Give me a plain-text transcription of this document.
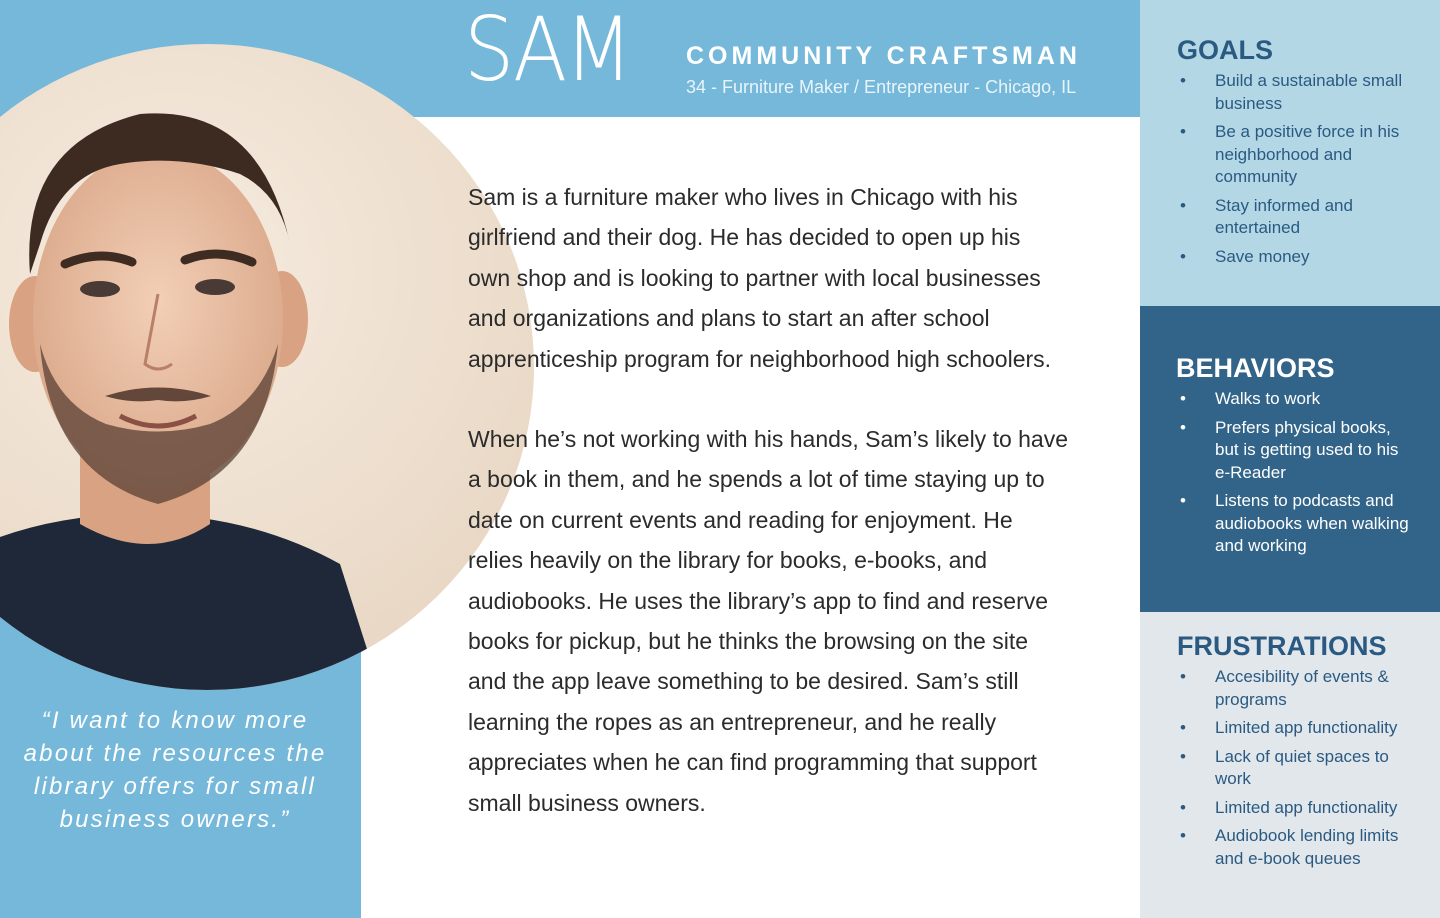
SAM COMMUNITY CRAFTSMAN
34 - Furniture Maker / Entrepreneur - Chicago, IL

Sam is a furniture maker who lives in Chicago with his girlfriend and their dog. He has decided to open up his own shop and is looking to partner with local businesses and organizations and plans to start an after school apprenticeship program for neighborhood high schoolers.

When he’s not working with his hands, Sam’s likely to have a book in them, and he spends a lot of time staying up to date on current events and reading for enjoyment. He relies heavily on the library for books, e-books, and audiobooks. He uses the library’s app to find and reserve books for pickup, but he thinks the browsing on the site and the app leave something to be desired. Sam’s still learning the ropes as an entrepreneur, and he really appreciates when he can find programming that support small business owners.

“I want to know more about the resources the library offers for small business owners.”
GOALS
• Build a sustainable small business
• Be a positive force in his neighborhood and community
• Stay informed and entertained
• Save money
BEHAVIORS
• Walks to work
• Prefers physical books, but is getting used to his e-Reader
• Listens to podcasts and audiobooks when walking and working
FRUSTRATIONS
• Accesibility of events & programs
• Limited app functionality
• Lack of quiet spaces to work
• Limited app functionality
• Audiobook lending limits and e-book queues
